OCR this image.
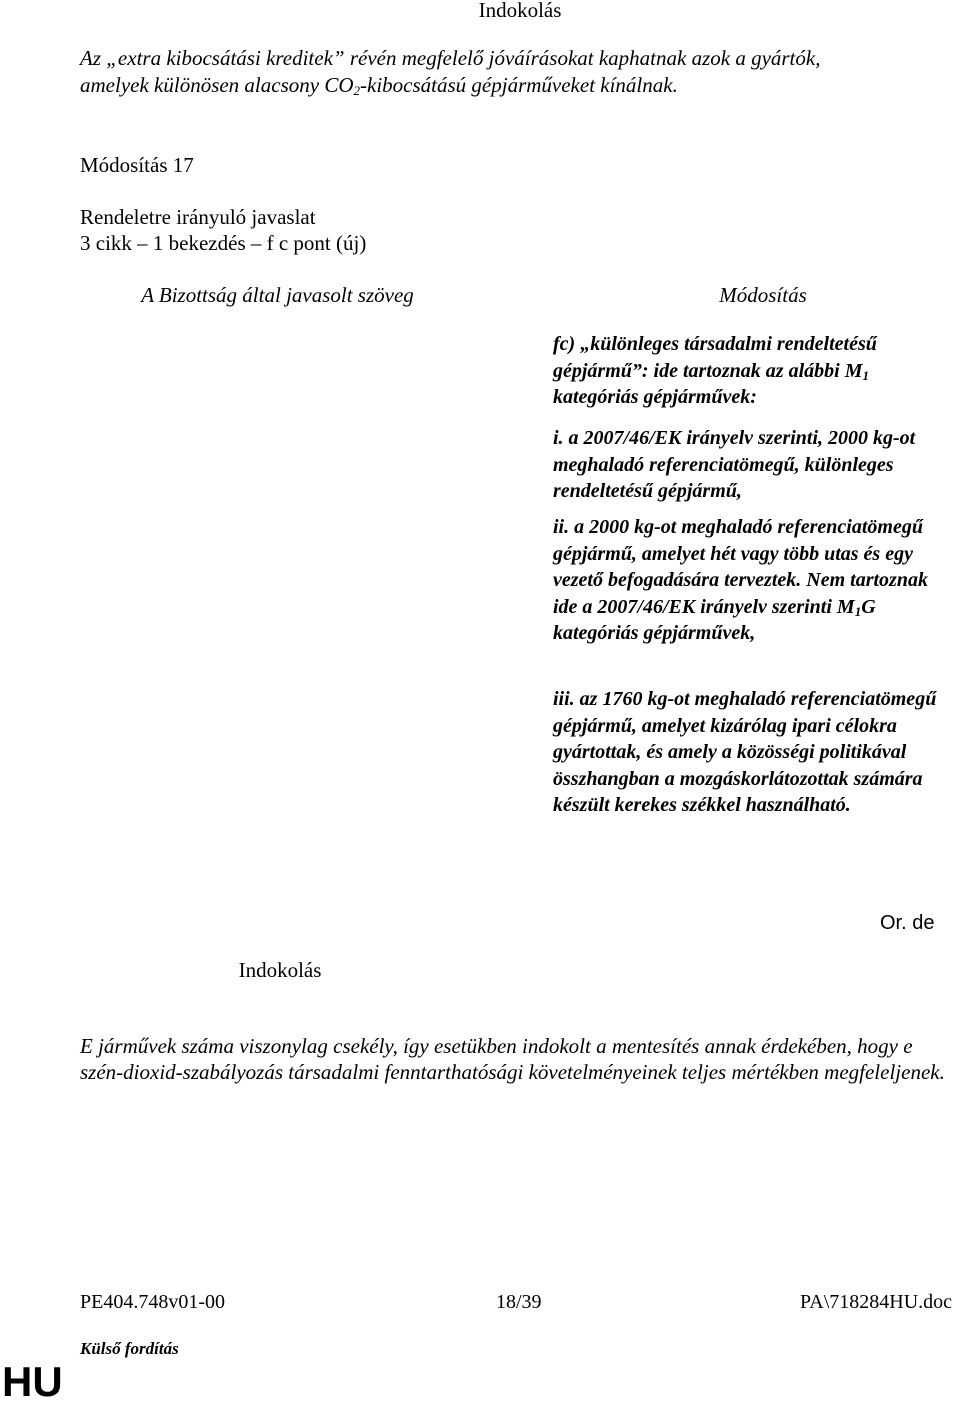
Indokolás
Az „extra kibocsátási kreditek” révén megfelelő jóváírásokat kaphatnak azok a gyártók,
amelyek különösen alacsony $CO_2$-kibocsátású gépjárműveket kínálnak.
Módosítás 17
Rendeletre irányuló javaslat
3 cikk – 1 bekezdés – f c pont (új)
A Bizottság által javasolt szöveg	Módosítás

fc) „különleges társadalmi rendeltetésű gépjármű”: ide tartoznak az alábbi $M_1$ kategóriás gépjárművek:

i. a 2007/46/EK irányelv szerinti, 2000 kg-ot meghaladó referenciatömegű, különleges rendeltetésű gépjármű,

ii. a 2000 kg-ot meghaladó referenciatömegű gépjármű, amelyet hét vagy több utas és egy vezető befogadására terveztek. Nem tartoznak ide a 2007/46/EK irányelv szerinti $M_1G$ kategóriás gépjárművek,

iii. az 1760 kg-ot meghaladó referenciatömegű gépjármű, amelyet kizárólag ipari célokra gyártottak, és amely a közösségi politikával összhangban a mozgáskorlátozottak számára készült kerekes székkel használható.

Or. de
Indokolás
E járművek száma viszonylag csekély, így esetükben indokolt a mentesítés annak érdekében, hogy e szén-dioxid-szabályozás társadalmi fenntarthatósági követelményeinek teljes mértékben megfeleljenek.
PE404.748v01-00	18/39	PA\718284HU.doc
Külső fordítás
HU
